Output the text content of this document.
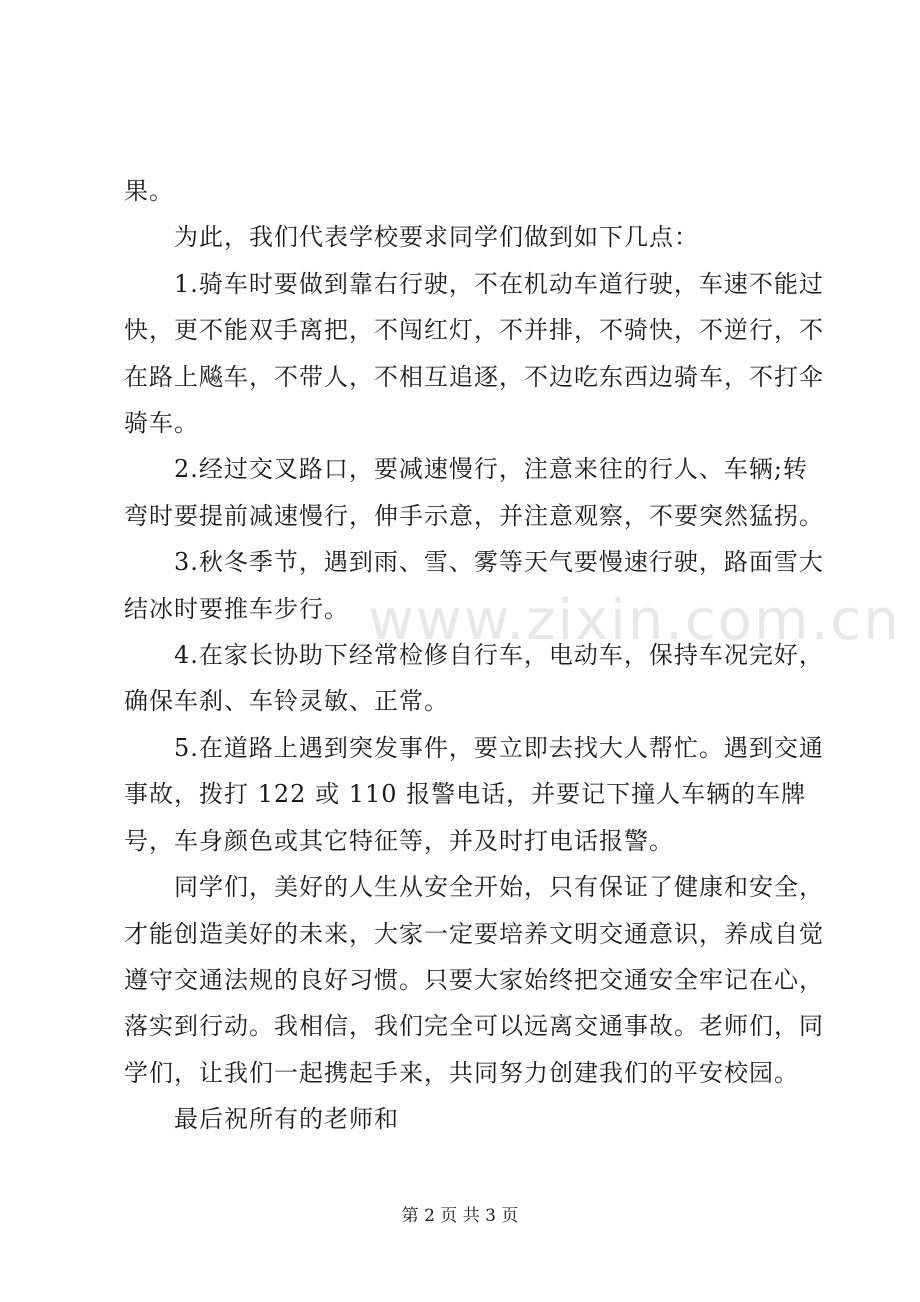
果。

为此，我们代表学校要求同学们做到如下几点：

1.骑车时要做到靠右行驶，不在机动车道行驶，车速不能过快，更不能双手离把，不闯红灯，不并排，不骑快，不逆行，不在路上飚车，不带人，不相互追逐，不边吃东西边骑车，不打伞骑车。

2.经过交叉路口，要减速慢行，注意来往的行人、车辆;转弯时要提前减速慢行，伸手示意，并注意观察，不要突然猛拐。

3.秋冬季节，遇到雨、雪、雾等天气要慢速行驶，路面雪大结冰时要推车步行。

4.在家长协助下经常检修自行车，电动车，保持车况完好，确保车刹、车铃灵敏、正常。

5.在道路上遇到突发事件，要立即去找大人帮忙。遇到交通事故，拨打 122 或 110 报警电话，并要记下撞人车辆的车牌号，车身颜色或其它特征等，并及时打电话报警。

同学们，美好的人生从安全开始，只有保证了健康和安全，才能创造美好的未来，大家一定要培养文明交通意识，养成自觉遵守交通法规的良好习惯。只要大家始终把交通安全牢记在心，落实到行动。我相信，我们完全可以远离交通事故。老师们，同学们，让我们一起携起手来，共同努力创建我们的平安校园。

最后祝所有的老师和

www.zixin.com.cn
第 2 页 共 3 页
